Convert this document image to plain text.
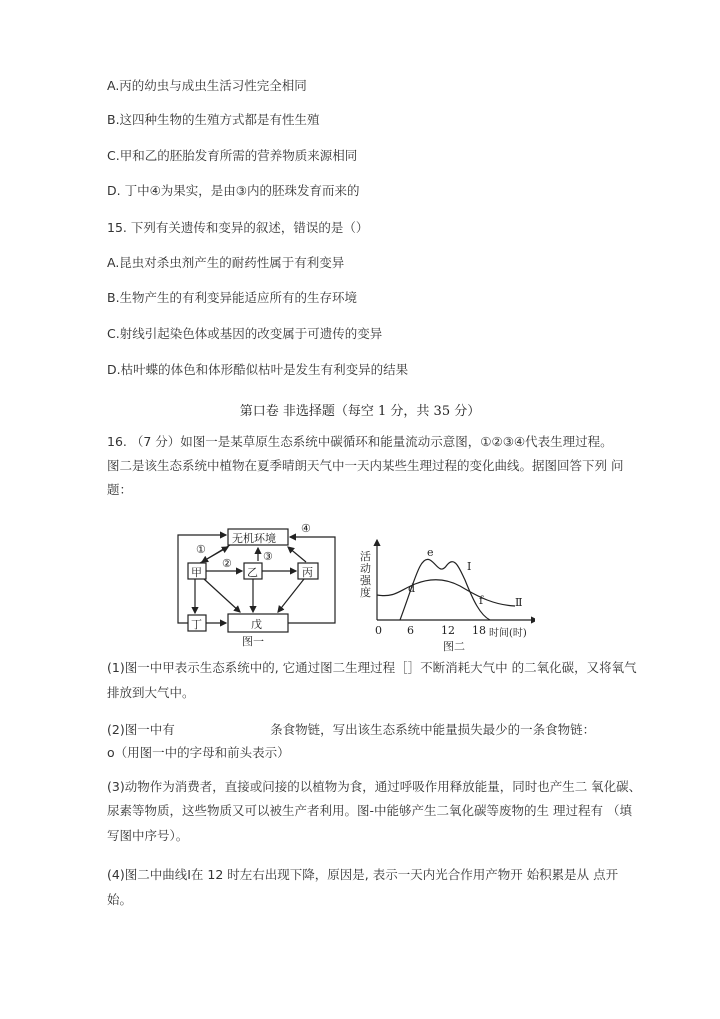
A.丙的幼虫与成虫生活习性完全相同
B.这四种生物的生殖方式都是有性生殖
C.甲和乙的胚胎发育所需的营养物质来源相同
D. 丁中④为果实，是由③内的胚珠发育而来的
15. 下列有关遗传和变异的叙述，错误的是（）
A.昆虫对杀虫剂产生的耐药性属于有利变异
B.生物产生的有利变异能适应所有的生存环境
C.射线引起染色体或基因的改变属于可遗传的变异
D.枯叶蝶的体色和体形酷似枯叶是发生有利变异的结果
第口卷 非选择题（每空 1 分，共 35 分）
16. （7 分）如图一是某草原生态系统中碳循环和能量流动示意图，①②③④代表生理过程。
图二是该生态系统中植物在夏季晴朗天气中一天内某些生理过程的变化曲线。据图回答下列 问
题：
无机环境
甲	乙	丙
丁	戊
①
②
③
④
图一
活
动
强
度
0 6 12 18 时间(时)
d
e
f
I
Ⅱ
图二
(1)图一中甲表示生态系统中的, 它通过图二生理过程［］不断消耗大气中 的二氧化碳，又将氧气
排放到大气中。
(2)图一中有                        条食物链，写出该生态系统中能量损失最少的一条食物链：
o（用图一中的字母和前头表示）
(3)动物作为消费者，直接或问接的以植物为食，通过呼吸作用释放能量，同时也产生二 氧化碳、
尿素等物质，这些物质又可以被生产者利用。图-中能够产生二氧化碳等废物的生 理过程有 （填
写图中序号）。
(4)图二中曲线I在 12 时左右出现下降，原因是, 表示一天内光合作用产物开 始积累是从 点开
始。
